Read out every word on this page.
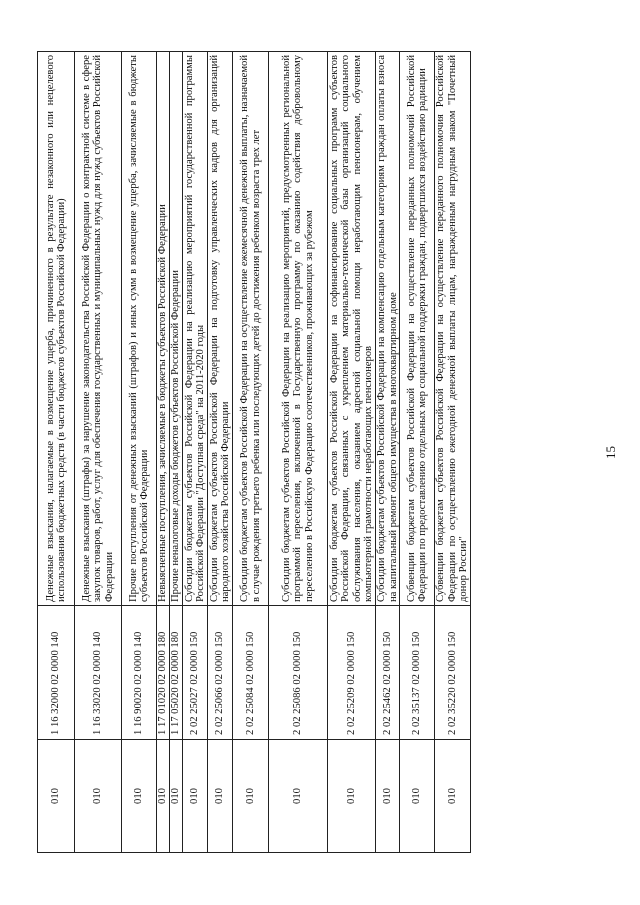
15
010	1 16 32000 02 0000 140	Денежные взыскания, налагаемые в возмещение ущерба, причиненного в результате незаконного или нецелевого использования бюджетных средств (в части бюджетов субъектов Российской Федерации)
010	1 16 33020 02 0000 140	Денежные взыскания (штрафы) за нарушение законодательства Российской Федерации о контрактной системе в сфере закупок товаров, работ, услуг для обеспечения государственных и муниципальных нужд для нужд субъектов Российской Федерации
010	1 16 90020 02 0000 140	Прочие поступления от денежных взысканий (штрафов) и иных сумм в возмещение ущерба, зачисляемые в бюджеты субъектов Российской Федерации
010	1 17 01020 02 0000 180	Невыясненные поступления, зачисляемые в бюджеты субъектов Российской Федерации
010	1 17 05020 02 0000 180	Прочие неналоговые доходы бюджетов субъектов Российской Федерации
010	2 02 25027 02 0000 150	Субсидии бюджетам субъектов Российской Федерации на реализацию мероприятий государственной программы Российской Федерации "Доступная среда" на 2011-2020 годы
010	2 02 25066 02 0000 150	Субсидии бюджетам субъектов Российской Федерации на подготовку управленческих кадров для организаций народного хозяйства Российской Федерации
010	2 02 25084 02 0000 150	Субсидии бюджетам субъектов Российской Федерации на осуществление ежемесячной денежной выплаты, назначаемой в случае рождения третьего ребенка или последующих детей до достижения ребенком возраста трех лет
010	2 02 25086 02 0000 150	Субсидии бюджетам субъектов Российской Федерации на реализацию мероприятий, предусмотренных региональной программой переселения, включенной в Государственную программу по оказанию содействия добровольному переселению в Российскую Федерацию соотечественников, проживающих за рубежом
010	2 02 25209 02 0000 150	Субсидии бюджетам субъектов Российской Федерации на софинансирование социальных программ субъектов Российской Федерации, связанных с укреплением материально-технической базы организаций социального обслуживания населения, оказанием адресной социальной помощи неработающим пенсионерам, обучением компьютерной грамотности неработающих пенсионеров
010	2 02 25462 02 0000 150	Субсидии бюджетам субъектов Российской Федерации на компенсацию отдельным категориям граждан оплаты взноса на капитальный ремонт общего имущества в многоквартирном доме
010	2 02 35137 02 0000 150	Субвенции бюджетам субъектов Российской Федерации на осуществление переданных полномочий Российской Федерации по предоставлению отдельных мер социальной поддержки граждан, подвергшихся воздействию радиации
010	2 02 35220 02 0000 150	Субвенции бюджетам субъектов Российской Федерации на осуществление переданного полномочия Российской Федерации по осуществлению ежегодной денежной выплаты лицам, награжденным нагрудным знаком "Почетный донор России"
